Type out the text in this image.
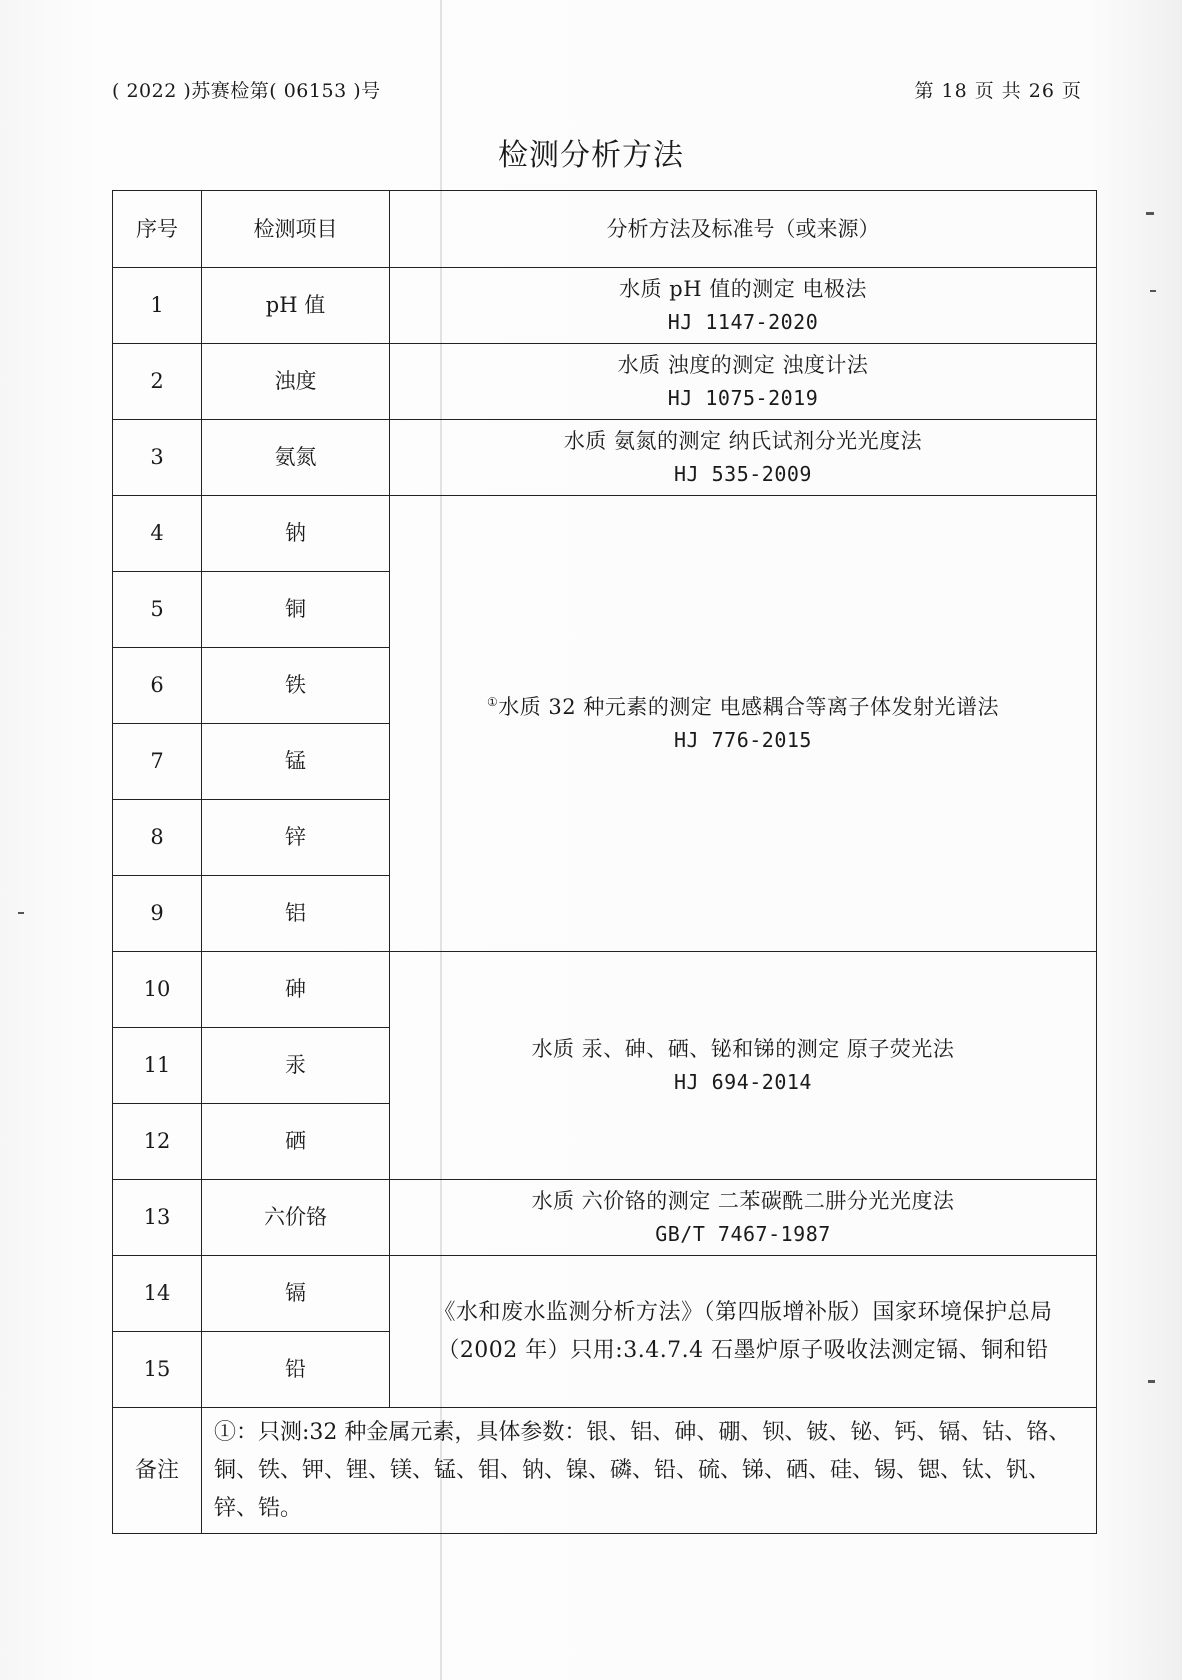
( 2022 )苏赛检第( 06153 )号	第 18 页 共 26 页
检测分析方法
序号	检测项目	分析方法及标准号（或来源）
1	pH 值	水质 pH 值的测定 电极法
HJ 1147-2020

2	浊度	水质 浊度的测定 浊度计法
HJ 1075-2019

3	氨氮	水质 氨氮的测定 纳氏试剂分光光度法
HJ 535-2009

4	钠	①水质 32 种元素的测定 电感耦合等离子体发射光谱法
HJ 776-2015

5	铜	
6	铁	
7	锰	
8	锌	
9	铝	
10	砷	水质 汞、砷、硒、铋和锑的测定 原子荧光法
HJ 694-2014

11	汞	
12	硒	
13	六价铬	水质 六价铬的测定 二苯碳酰二肼分光光度法
GB/T 7467-1987

14	镉	《水和废水监测分析方法》（第四版增补版）国家环境保护总局
（2002 年）只用:3.4.7.4 石墨炉原子吸收法测定镉、铜和铅

15	铅	
备注	①：只测:32 种金属元素，具体参数：银、铝、砷、硼、钡、铍、铋、钙、镉、钴、铬、铜、铁、钾、锂、镁、锰、钼、钠、镍、磷、铅、硫、锑、硒、硅、锡、锶、钛、钒、锌、锆。	
